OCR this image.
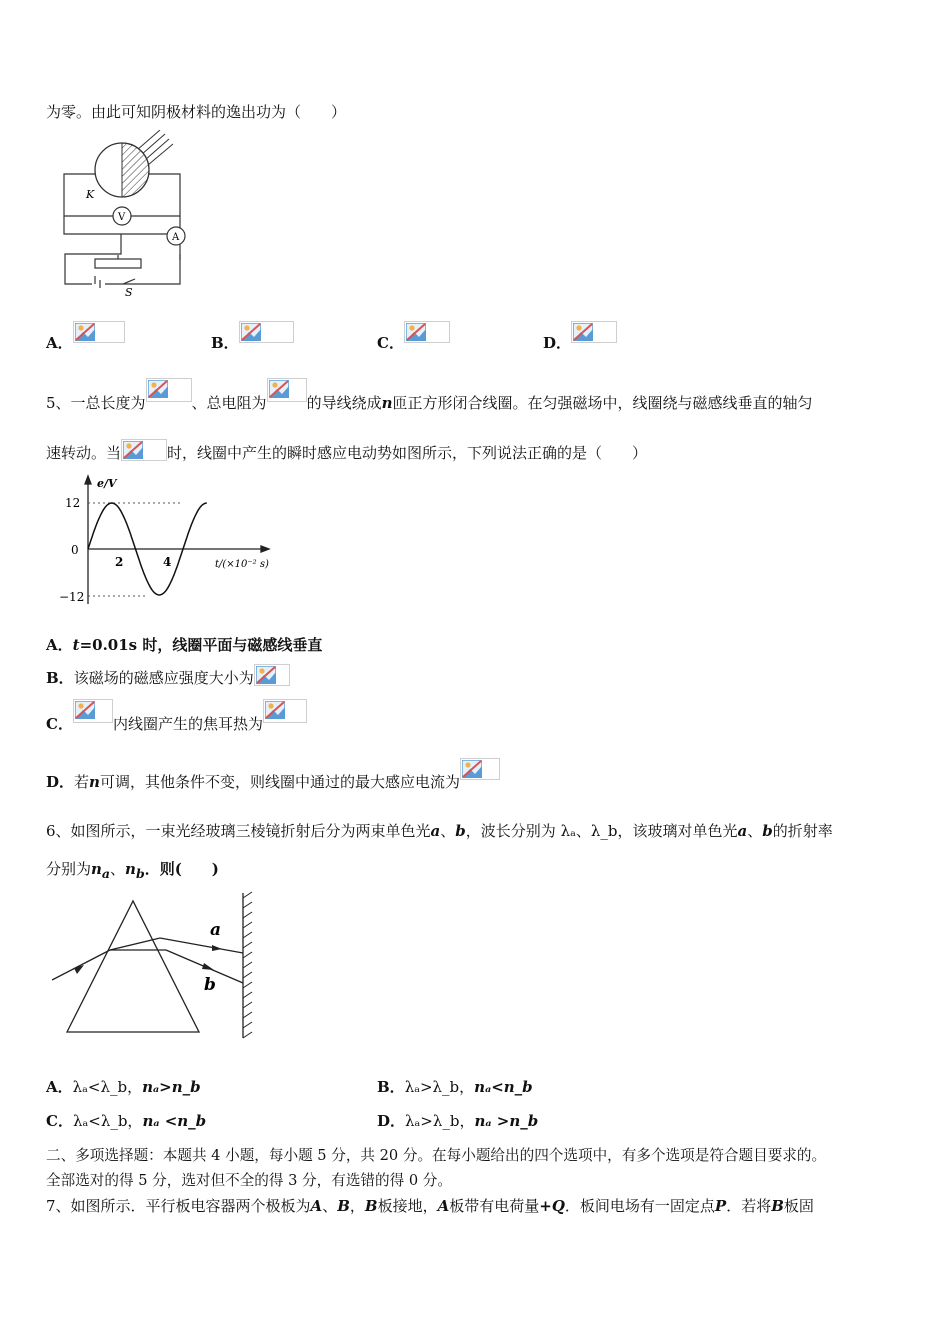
为零。由此可知阴极材料的逸出功为（　　）
V
A
K
S
A．	B．	C．	D．
5、一总长度为	、总电阻为	的导线绕成n匝正方形闭合线圈。在匀强磁场中，线圈绕与磁感线垂直的轴匀
速转动。当	时，线圈中产生的瞬时感应电动势如图所示，下列说法正确的是（　　）
e/V
12
0
−12
2	4	t/(×10⁻² s)
A．t=0.01s 时，线圈平面与磁感线垂直
B．该磁场的磁感应强度大小为
C．	内线圈产生的焦耳热为
D．若n可调，其他条件不变，则线圈中通过的最大感应电流为
6、如图所示，一束光经玻璃三棱镜折射后分为两束单色光a、b，波长分别为 λₐ、λ_b，该玻璃对单色光a、b的折射率
分别为$n_a$、$n_b$．则(　　)
a
b
A．λₐ<λ_b，nₐ>n_b	B．λₐ>λ_b，nₐ<n_b
C．λₐ<λ_b，nₐ <n_b	D．λₐ>λ_b，nₐ >n_b
二、多项选择题：本题共 4 小题，每小题 5 分，共 20 分。在每小题给出的四个选项中，有多个选项是符合题目要求的。
全部选对的得 5 分，选对但不全的得 3 分，有选错的得 0 分。
7、如图所示．平行板电容器两个极板为A、B，B板接地，A板带有电荷量+Q．板间电场有一固定点P．若将B板固
